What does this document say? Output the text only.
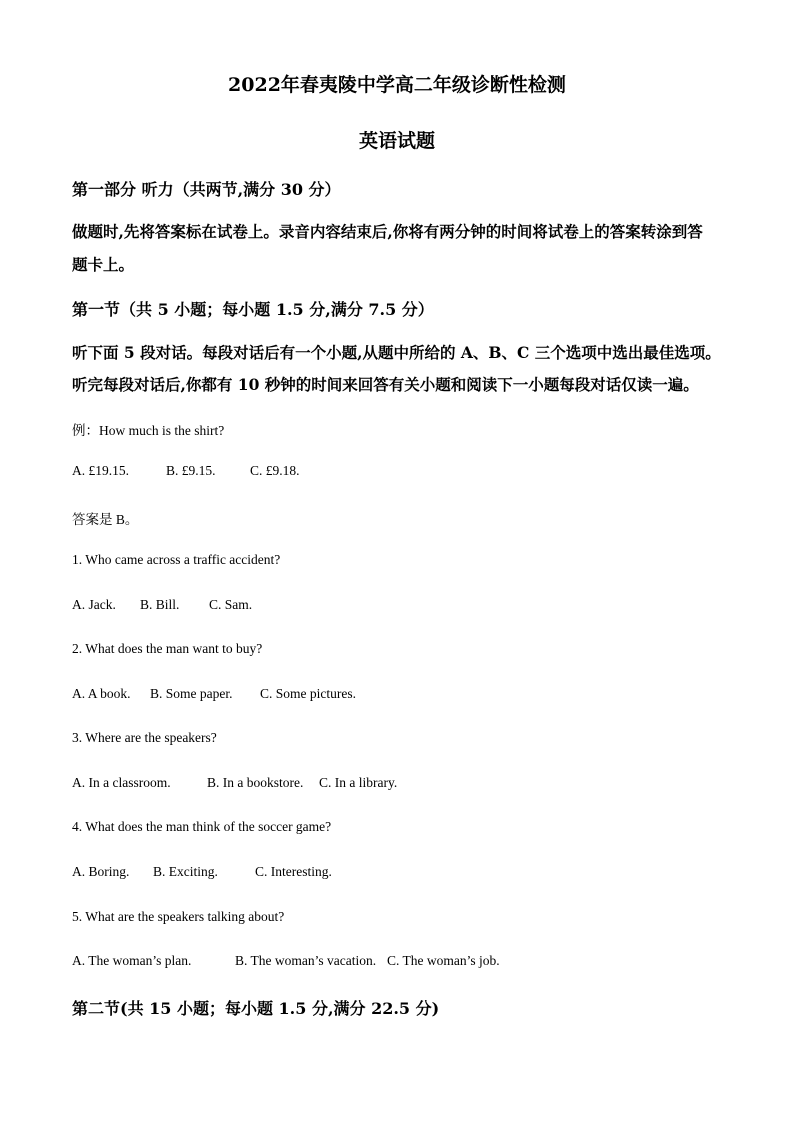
2022年春夷陵中学高二年级诊断性检测
英语试题
第一部分 听力（共两节,满分 30 分）
做题时,先将答案标在试卷上。录音内容结束后,你将有两分钟的时间将试卷上的答案转涂到答
题卡上。
第一节（共 5 小题；每小题 1.5 分,满分 7.5 分）
听下面 5 段对话。每段对话后有一个小题,从题中所给的 A、B、C 三个选项中选出最佳选项。
听完每段对话后,你都有 10 秒钟的时间来回答有关小题和阅读下一小题每段对话仅读一遍。
例：How much is the shirt?
A. £19.15.	B. £9.15.	C. £9.18.
答案是 B。
1. Who came across a traffic accident?
A. Jack. B. Bill. C. Sam.
2. What does the man want to buy?
A. A book. B. Some paper. C. Some pictures.
3. Where are the speakers?
A. In a classroom.	B. In a bookstore. C. In a library.
4. What does the man think of the soccer game?
A. Boring. B. Exciting.	C. Interesting.
5. What are the speakers talking about?
A. The woman’s plan.	B. The woman’s vacation. C. The woman’s job.
第二节(共 15 小题；每小题 1.5 分,满分 22.5 分)
